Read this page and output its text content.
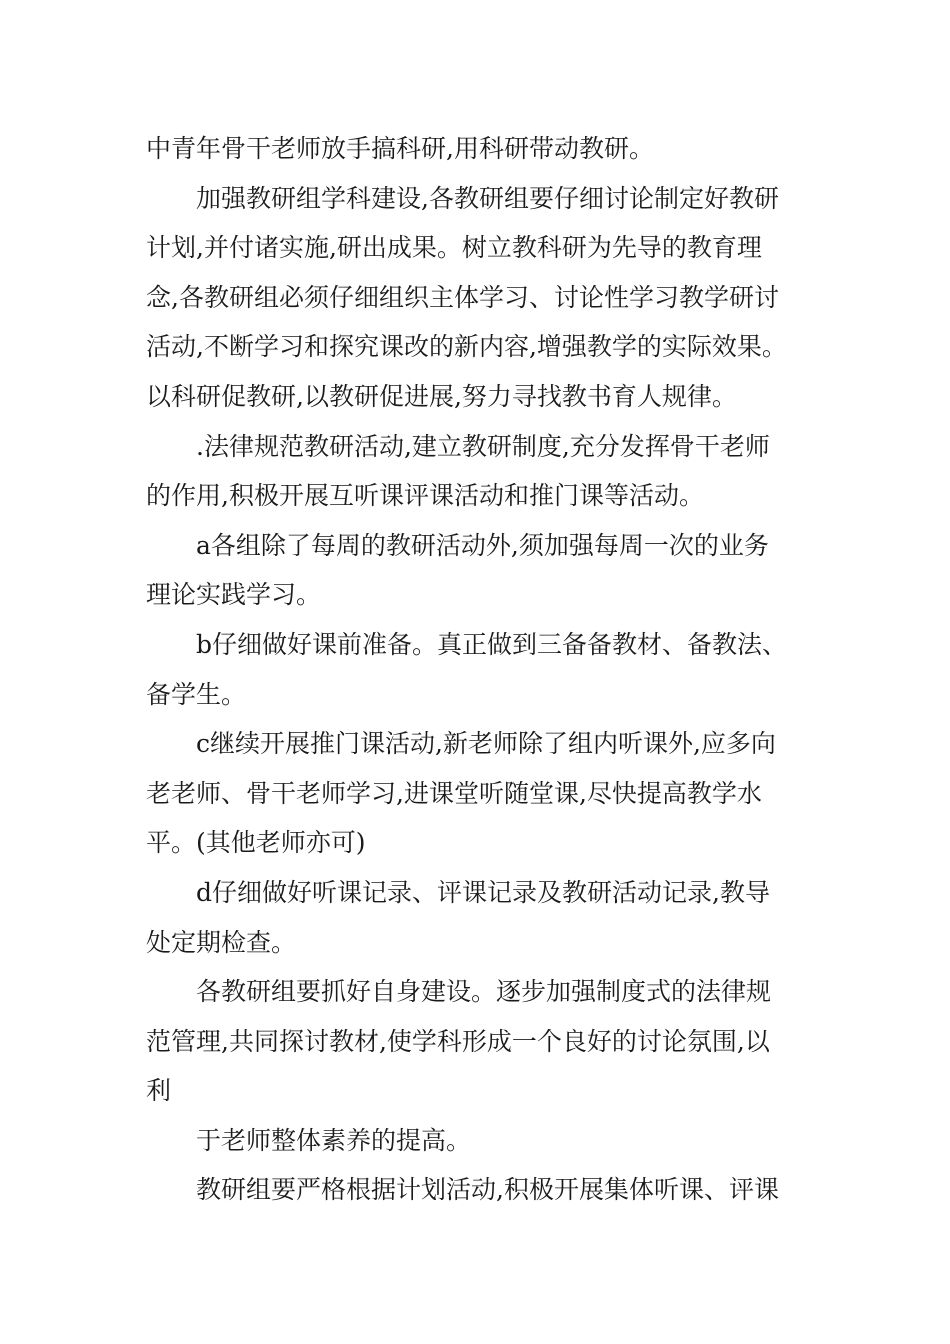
中青年骨干老师放手搞科研,用科研带动教研。
加强教研组学科建设,各教研组要仔细讨论制定好教研
计划,并付诸实施,研出成果。树立教科研为先导的教育理
念,各教研组必须仔细组织主体学习、讨论性学习教学研讨
活动,不断学习和探究课改的新内容,增强教学的实际效果。
以科研促教研,以教研促进展,努力寻找教书育人规律。
.法律规范教研活动,建立教研制度,充分发挥骨干老师
的作用,积极开展互听课评课活动和推门课等活动。
a各组除了每周的教研活动外,须加强每周一次的业务
理论实践学习。
b仔细做好课前准备。真正做到三备备教材、备教法、
备学生。
c继续开展推门课活动,新老师除了组内听课外,应多向
老老师、骨干老师学习,进课堂听随堂课,尽快提高教学水
平。(其他老师亦可)
d仔细做好听课记录、评课记录及教研活动记录,教导
处定期检查。
各教研组要抓好自身建设。逐步加强制度式的法律规
范管理,共同探讨教材,使学科形成一个良好的讨论氛围,以
利
于老师整体素养的提高。
教研组要严格根据计划活动,积极开展集体听课、评课
